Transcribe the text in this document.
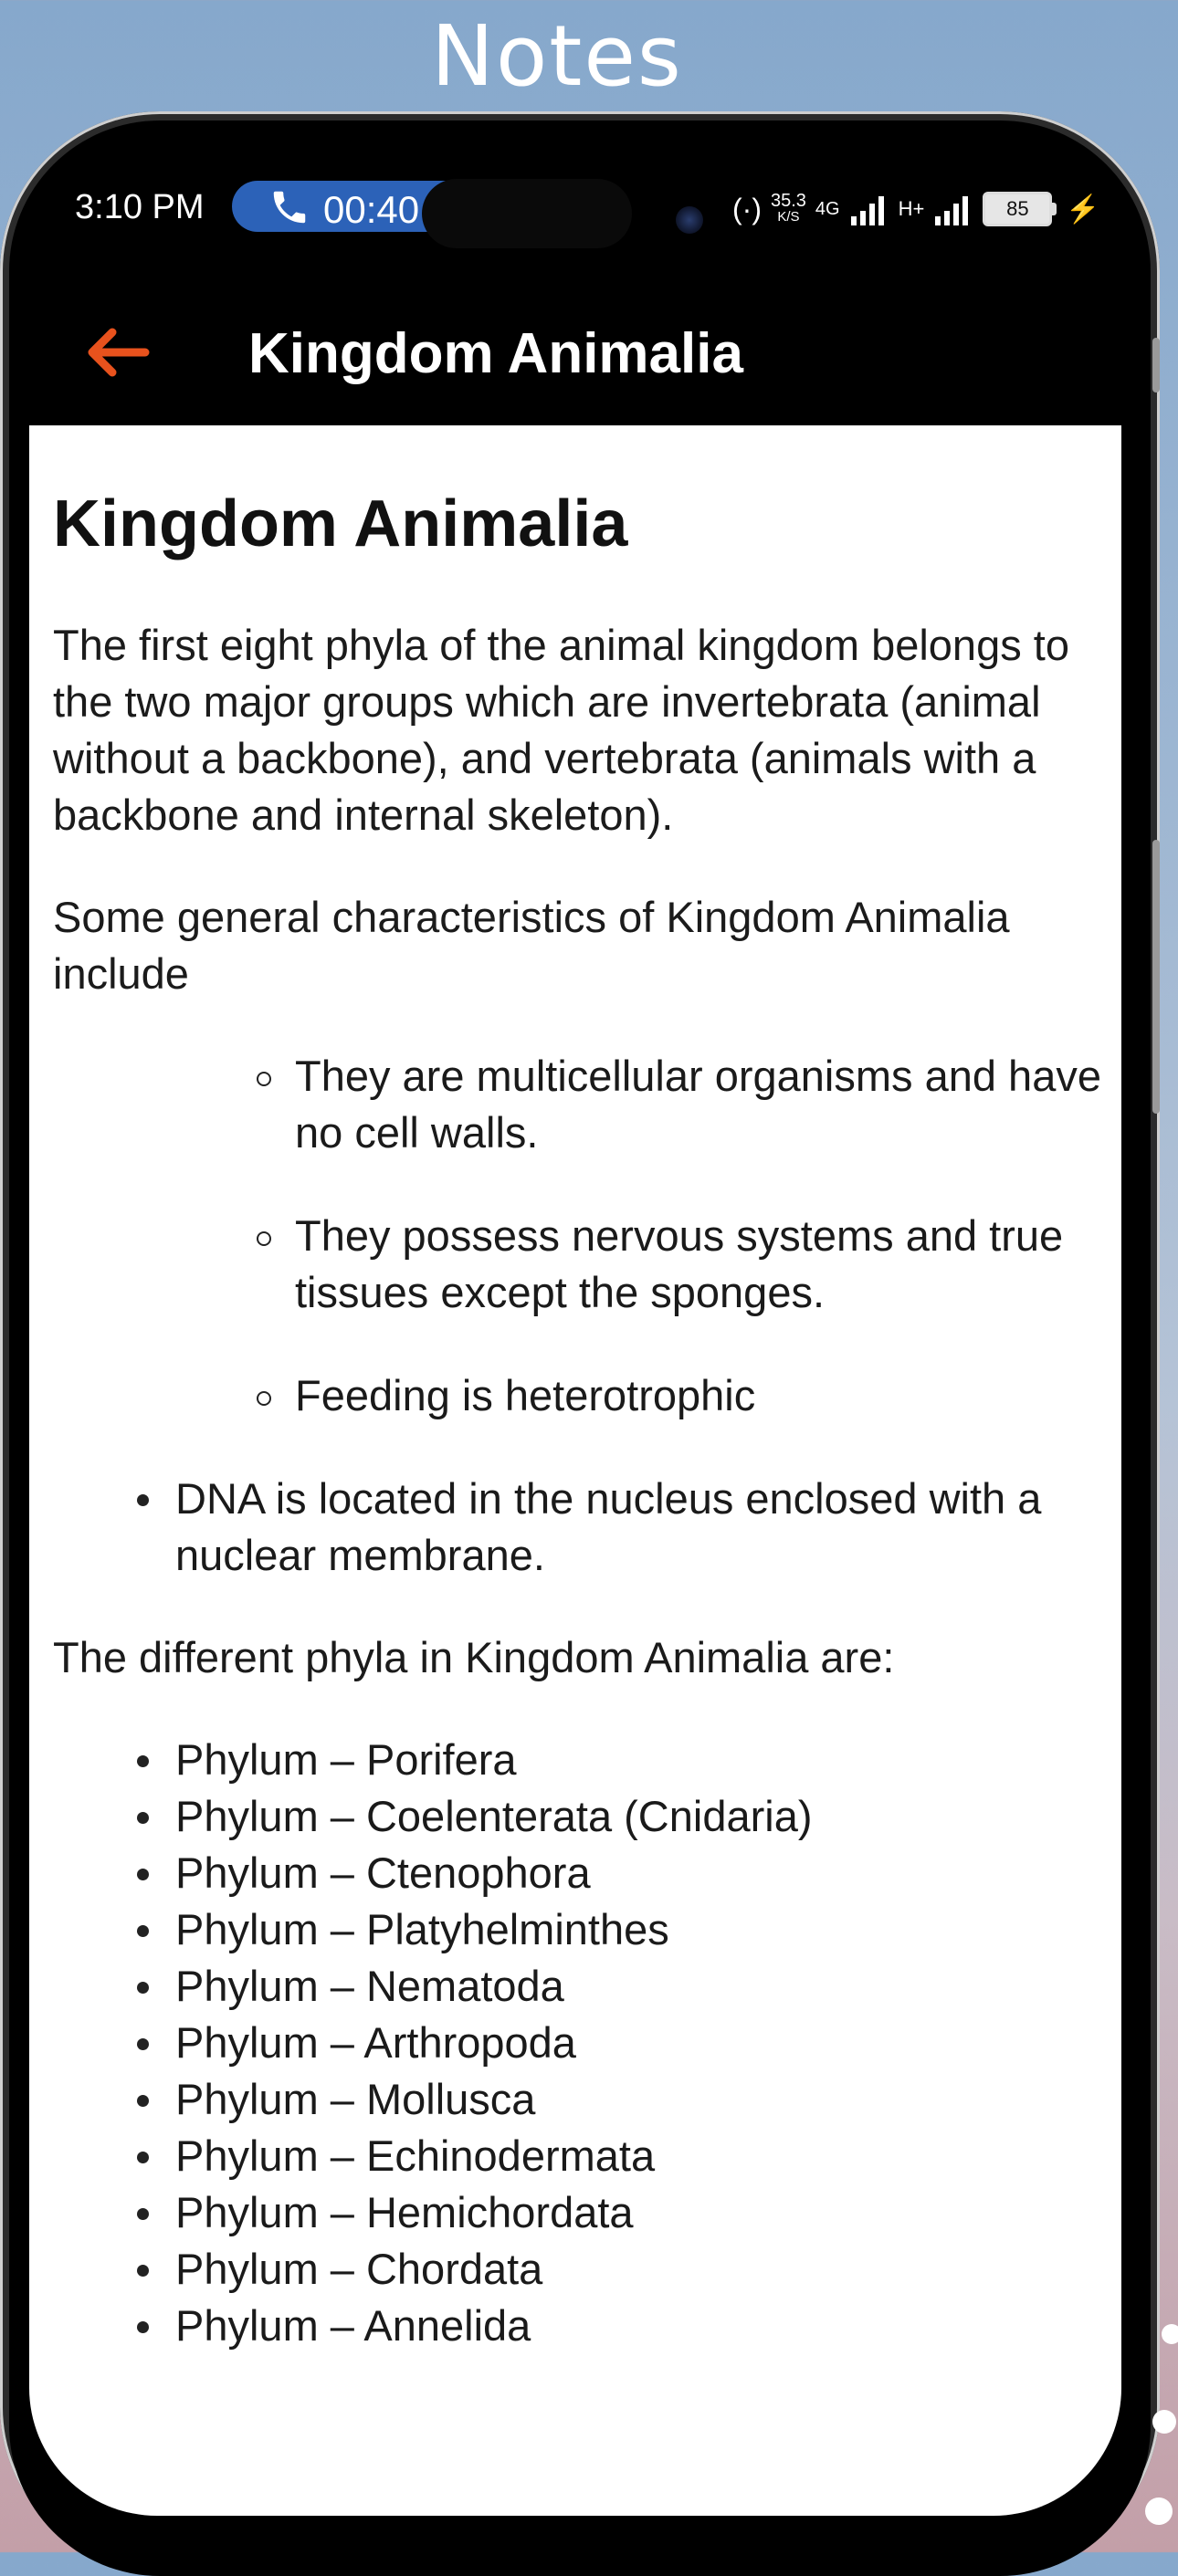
Notes
3:10 PM	00:40	(·) 35.3
K/S 4G	H+	85	⚡
Kingdom Animalia
Kingdom Animalia

The first eight phyla of the animal kingdom belongs to the two major groups which are invertebrata (animal without a backbone), and vertebrata (animals with a backbone and internal skeleton).

Some general characteristics of Kingdom Animalia include

They are multicellular organisms and have no cell walls.
They possess nervous systems and true tissues except the sponges.
Feeding is heterotrophic
DNA is located in the nucleus enclosed with a nuclear membrane.

The different phyla in Kingdom Animalia are:

Phylum – Porifera
Phylum – Coelenterata (Cnidaria)
Phylum – Ctenophora
Phylum – Platyhelminthes
Phylum – Nematoda
Phylum – Arthropoda
Phylum – Mollusca
Phylum – Echinodermata
Phylum – Hemichordata
Phylum – Chordata
Phylum – Annelida
